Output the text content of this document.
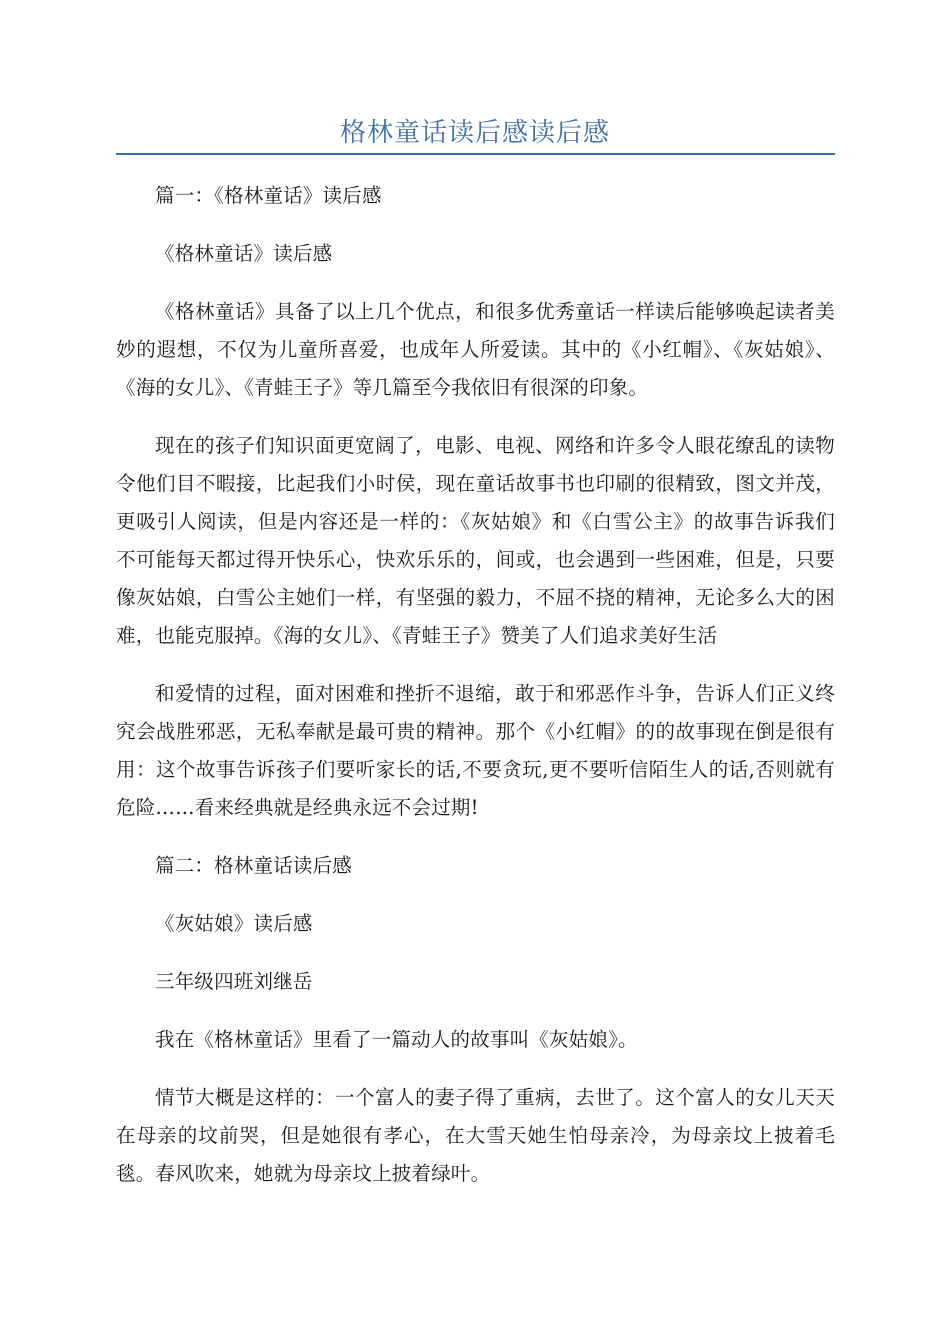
格林童话读后感读后感

篇一：《格林童话》读后感

《格林童话》读后感

《格林童话》具备了以上几个优点，和很多优秀童话一样读后能够唤起读者美妙的遐想，不仅为儿童所喜爱，也成年人所爱读。其中的《小红帽》、《灰姑娘》、《海的女儿》、《青蛙王子》等几篇至今我依旧有很深的印象。

现在的孩子们知识面更宽阔了，电影、电视、网络和许多令人眼花缭乱的读物令他们目不暇接，比起我们小时侯，现在童话故事书也印刷的很精致，图文并茂，更吸引人阅读，但是内容还是一样的：《灰姑娘》和《白雪公主》的故事告诉我们不可能每天都过得开快乐心，快欢乐乐的，间或，也会遇到一些困难，但是，只要像灰姑娘，白雪公主她们一样，有坚强的毅力，不屈不挠的精神，无论多么大的困难，也能克服掉。《海的女儿》、《青蛙王子》赞美了人们追求美好生活

和爱情的过程，面对困难和挫折不退缩，敢于和邪恶作斗争，告诉人们正义终究会战胜邪恶，无私奉献是最可贵的精神。那个《小红帽》的的故事现在倒是很有用：这个故事告诉孩子们要听家长的话,不要贪玩,更不要听信陌生人的话,否则就有危险……看来经典就是经典永远不会过期!

篇二：格林童话读后感

《灰姑娘》读后感

三年级四班刘继岳

我在《格林童话》里看了一篇动人的故事叫《灰姑娘》。

情节大概是这样的：一个富人的妻子得了重病，去世了。这个富人的女儿天天在母亲的坟前哭，但是她很有孝心，在大雪天她生怕母亲冷，为母亲坟上披着毛毯。春风吹来，她就为母亲坟上披着绿叶。
